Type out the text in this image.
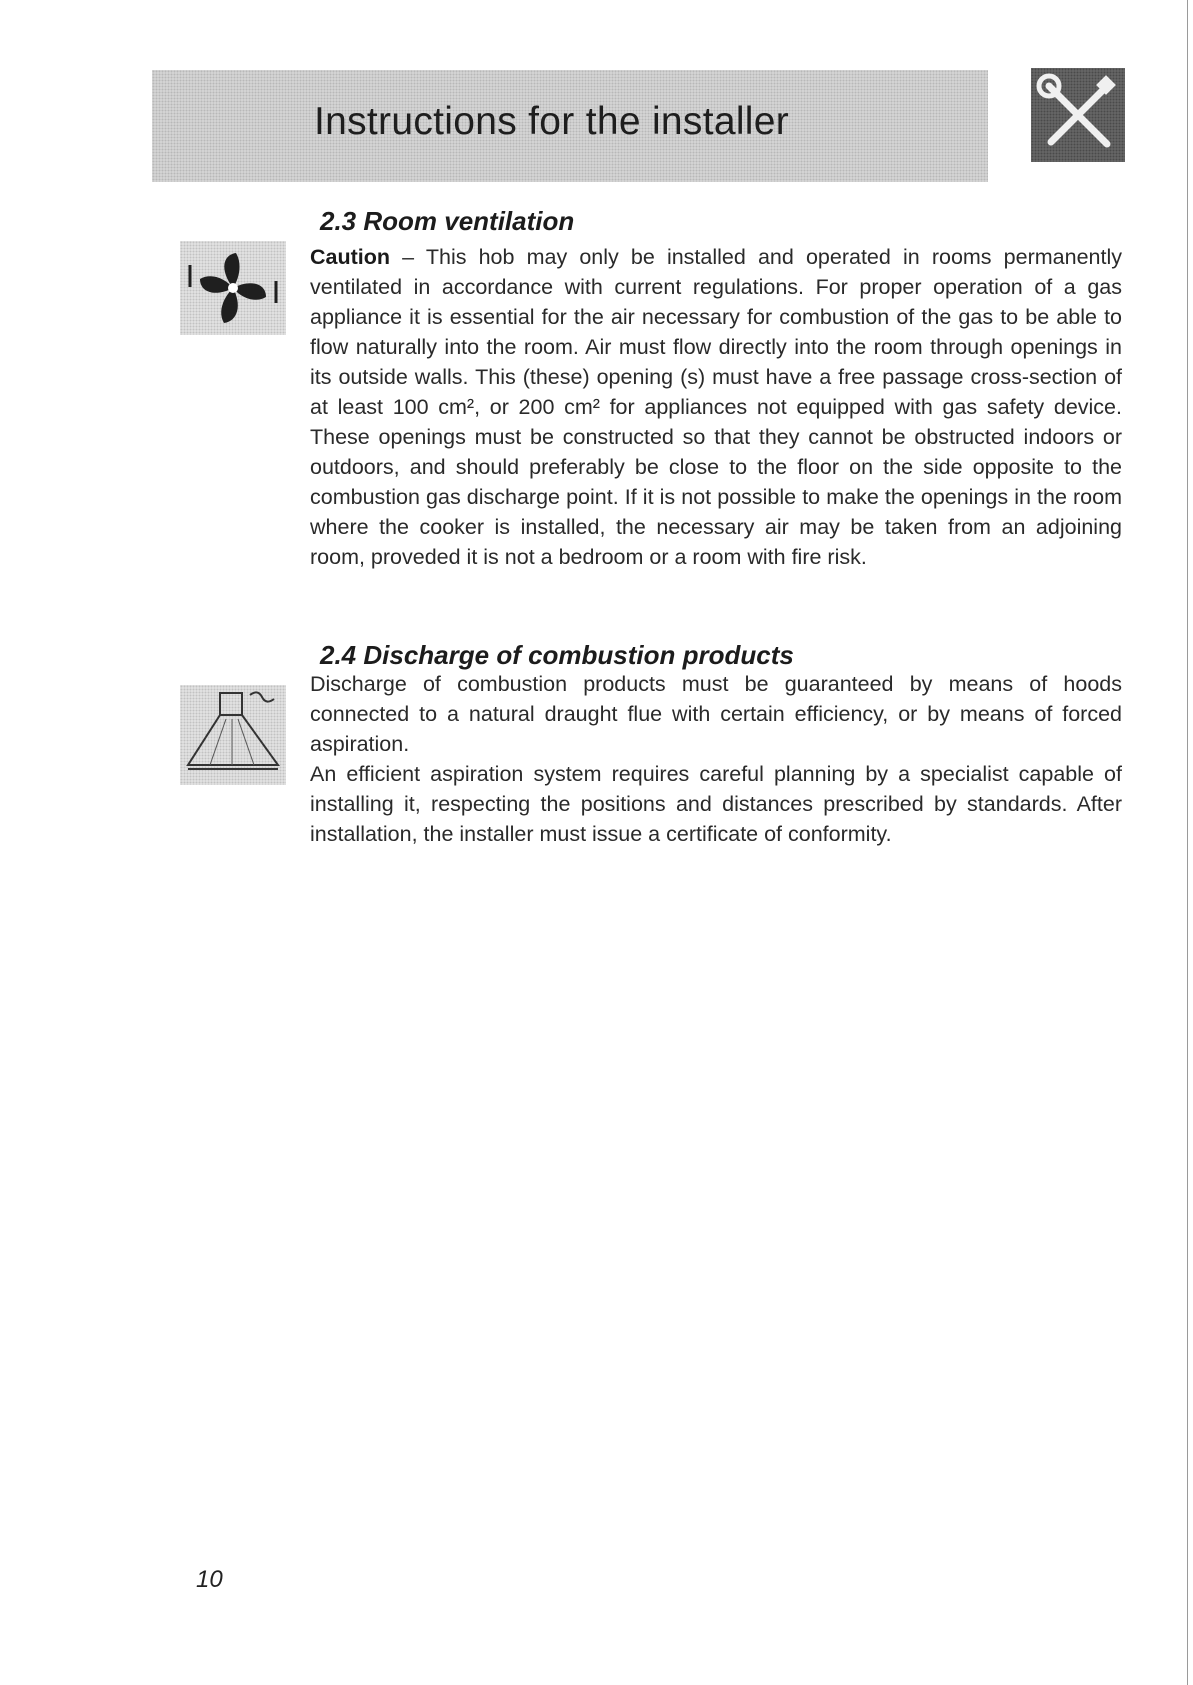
Instructions for the installer
2.3 Room ventilation

Caution – This hob may only be installed and operated in rooms permanently ventilated in accordance with current regulations. For proper operation of a gas appliance it is essential for the air necessary for combustion of the gas to be able to flow naturally into the room. Air must flow directly into the room through openings in its outside walls. This (these) opening (s) must have a free passage cross-section of at least 100 cm², or 200 cm² for appliances not equipped with gas safety device. These openings must be constructed so that they cannot be obstructed indoors or outdoors, and should preferably be close to the floor on the side opposite to the combustion gas discharge point. If it is not possible to make the openings in the room where the cooker is installed, the necessary air may be taken from an adjoining room, proveded it is not a bedroom or a room with fire risk.

2.4 Discharge of combustion products

Discharge of combustion products must be guaranteed by means of hoods connected to a natural draught flue with certain efficiency, or by means of forced aspiration.

An efficient aspiration system requires careful planning by a specialist capable of installing it, respecting the positions and distances prescribed by standards. After installation, the installer must issue a certificate of conformity.

10
